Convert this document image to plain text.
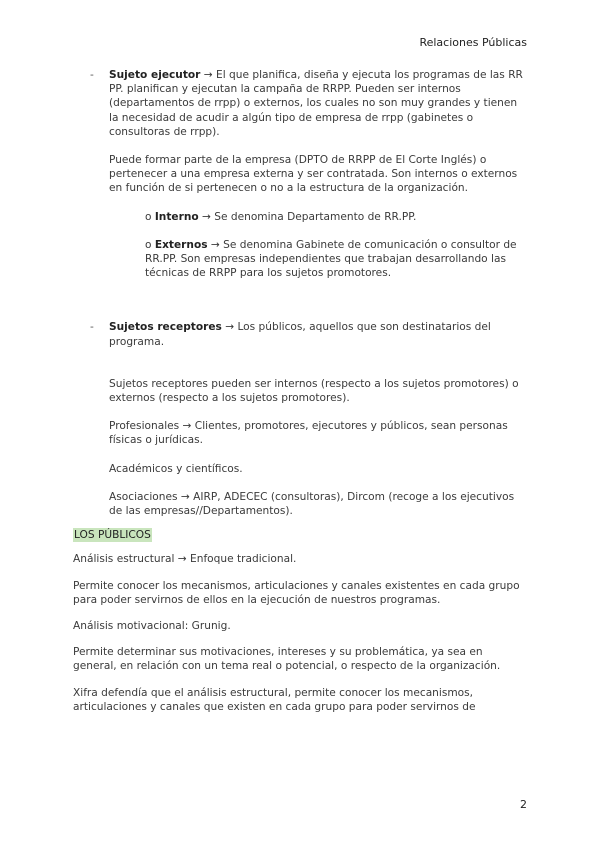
Relaciones Públicas

- Sujeto ejecutor → El que planifica, diseña y ejecuta los programas de las RR PP. planifican y ejecutan la campaña de RRPP. Pueden ser internos (departamentos de rrpp) o externos, los cuales no son muy grandes y tienen la necesidad de acudir a algún tipo de empresa de rrpp (gabinetes o consultoras de rrpp).

Puede formar parte de la empresa (DPTO de RRPP de El Corte Inglés) o pertenecer a una empresa externa y ser contratada. Son internos o externos en función de si pertenecen o no a la estructura de la organización.

o Interno → Se denomina Departamento de RR.PP.

o Externos → Se denomina Gabinete de comunicación o consultor de RR.PP. Son empresas independientes que trabajan desarrollando las técnicas de RRPP para los sujetos promotores.

- Sujetos receptores → Los públicos, aquellos que son destinatarios del programa.

Sujetos receptores pueden ser internos (respecto a los sujetos promotores) o externos (respecto a los sujetos promotores).

Profesionales → Clientes, promotores, ejecutores y públicos, sean personas físicas o jurídicas.

Académicos y científicos.

Asociaciones → AIRP, ADECEC (consultoras), Dircom (recoge a los ejecutivos de las empresas//Departamentos).

LOS PÚBLICOS

Análisis estructural → Enfoque tradicional.

Permite conocer los mecanismos, articulaciones y canales existentes en cada grupo para poder servirnos de ellos en la ejecución de nuestros programas.

Análisis motivacional: Grunig.

Permite determinar sus motivaciones, intereses y su problemática, ya sea en general, en relación con un tema real o potencial, o respecto de la organización.

Xifra defendía que el análisis estructural, permite conocer los mecanismos, articulaciones y canales que existen en cada grupo para poder servirnos de

2
